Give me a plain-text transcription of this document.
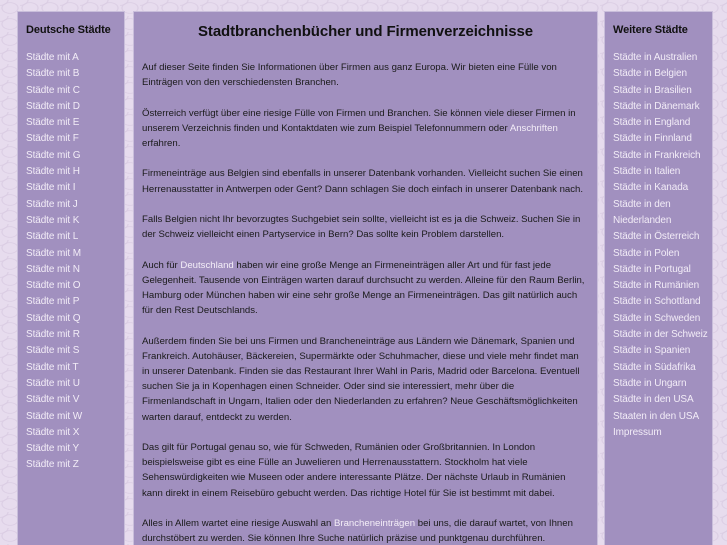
Deutsche Städte
Städte mit A
Städte mit B
Städte mit C
Städte mit D
Städte mit E
Städte mit F
Städte mit G
Städte mit H
Städte mit I
Städte mit J
Städte mit K
Städte mit L
Städte mit M
Städte mit N
Städte mit O
Städte mit P
Städte mit Q
Städte mit R
Städte mit S
Städte mit T
Städte mit U
Städte mit V
Städte mit W
Städte mit X
Städte mit Y
Städte mit Z
Stadtbranchenbücher und Firmenverzeichnisse

Auf dieser Seite finden Sie Informationen über Firmen aus ganz Europa. Wir bieten eine Fülle von Einträgen von den verschiedensten Branchen.

Österreich verfügt über eine riesige Fülle von Firmen und Branchen. Sie können viele dieser Firmen in unserem Verzeichnis finden und Kontaktdaten wie zum Beispiel Telefonnummern oder Anschriften erfahren.

Firmeneinträge aus Belgien sind ebenfalls in unserer Datenbank vorhanden. Vielleicht suchen Sie einen Herrenausstatter in Antwerpen oder Gent? Dann schlagen Sie doch einfach in unserer Datenbank nach.

Falls Belgien nicht Ihr bevorzugtes Suchgebiet sein sollte, vielleicht ist es ja die Schweiz. Suchen Sie in der Schweiz vielleicht einen Partyservice in Bern? Das sollte kein Problem darstellen.

Auch für Deutschland haben wir eine große Menge an Firmeneinträgen aller Art und für fast jede Gelegenheit. Tausende von Einträgen warten darauf durchsucht zu werden. Alleine für den Raum Berlin, Hamburg oder München haben wir eine sehr große Menge an Firmeneinträgen. Das gilt natürlich auch für den Rest Deutschlands.

Außerdem finden Sie bei uns Firmen und Brancheneinträge aus Ländern wie Dänemark, Spanien und Frankreich. Autohäuser, Bäckereien, Supermärkte oder Schuhmacher, diese und viele mehr findet man in unserer Datenbank. Finden sie das Restaurant Ihrer Wahl in Paris, Madrid oder Barcelona. Eventuell suchen Sie ja in Kopenhagen einen Schneider. Oder sind sie interessiert, mehr über die Firmenlandschaft in Ungarn, Italien oder den Niederlanden zu erfahren? Neue Geschäftsmöglichkeiten warten darauf, entdeckt zu werden.

Das gilt für Portugal genau so, wie für Schweden, Rumänien oder Großbritannien. In London beispielsweise gibt es eine Fülle an Juwelieren und Herrenausstattern. Stockholm hat viele Sehenswürdigkeiten wie Museen oder andere interessante Plätze. Der nächste Urlaub in Rumänien kann direkt in einem Reisebüro gebucht werden. Das richtige Hotel für Sie ist bestimmt mit dabei.

Alles in Allem wartet eine riesige Auswahl an Brancheneinträgen bei uns, die darauf wartet, von Ihnen durchstöbert zu werden. Sie können Ihre Suche natürlich präzise und punktgenau durchführen.

Weitere Städte
Städte in Australien
Städte in Belgien
Städte in Brasilien
Städte in Dänemark
Städte in England
Städte in Finnland
Städte in Frankreich
Städte in Italien
Städte in Kanada
Städte in den Niederlanden
Städte in Österreich
Städte in Polen
Städte in Portugal
Städte in Rumänien
Städte in Schottland
Städte in Schweden
Städte in der Schweiz
Städte in Spanien
Städte in Südafrika
Städte in Ungarn
Städte in den USA
Staaten in den USA
Impressum
